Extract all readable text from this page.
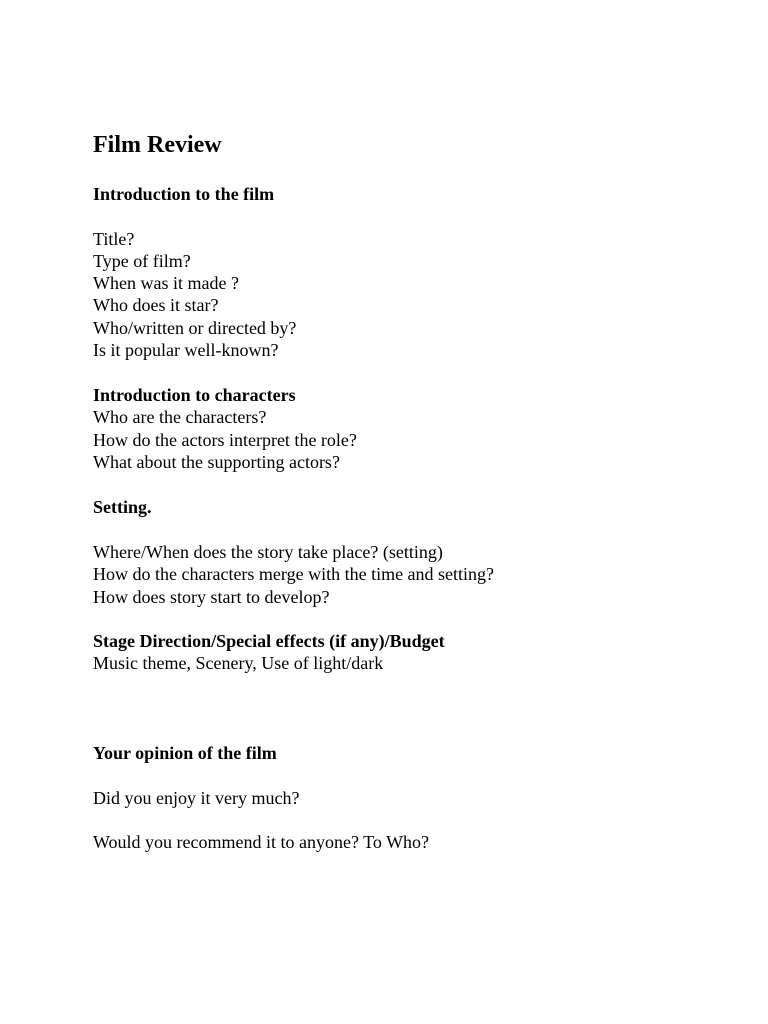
Film Review

Introduction to the film

Title?

Type of film?

When was it made ?

Who does it star?

Who/written or directed by?

Is it popular well-known?

Introduction to characters

Who are the characters?

How do the actors interpret the role?

What about the supporting actors?

Setting.

Where/When does the story take place? (setting)

How do the characters merge with the time and setting?

How does story start to develop?

Stage Direction/Special effects (if any)/Budget

Music theme, Scenery, Use of light/dark

Your opinion of the film

Did you enjoy it very much?

Would you recommend it to anyone? To Who?
